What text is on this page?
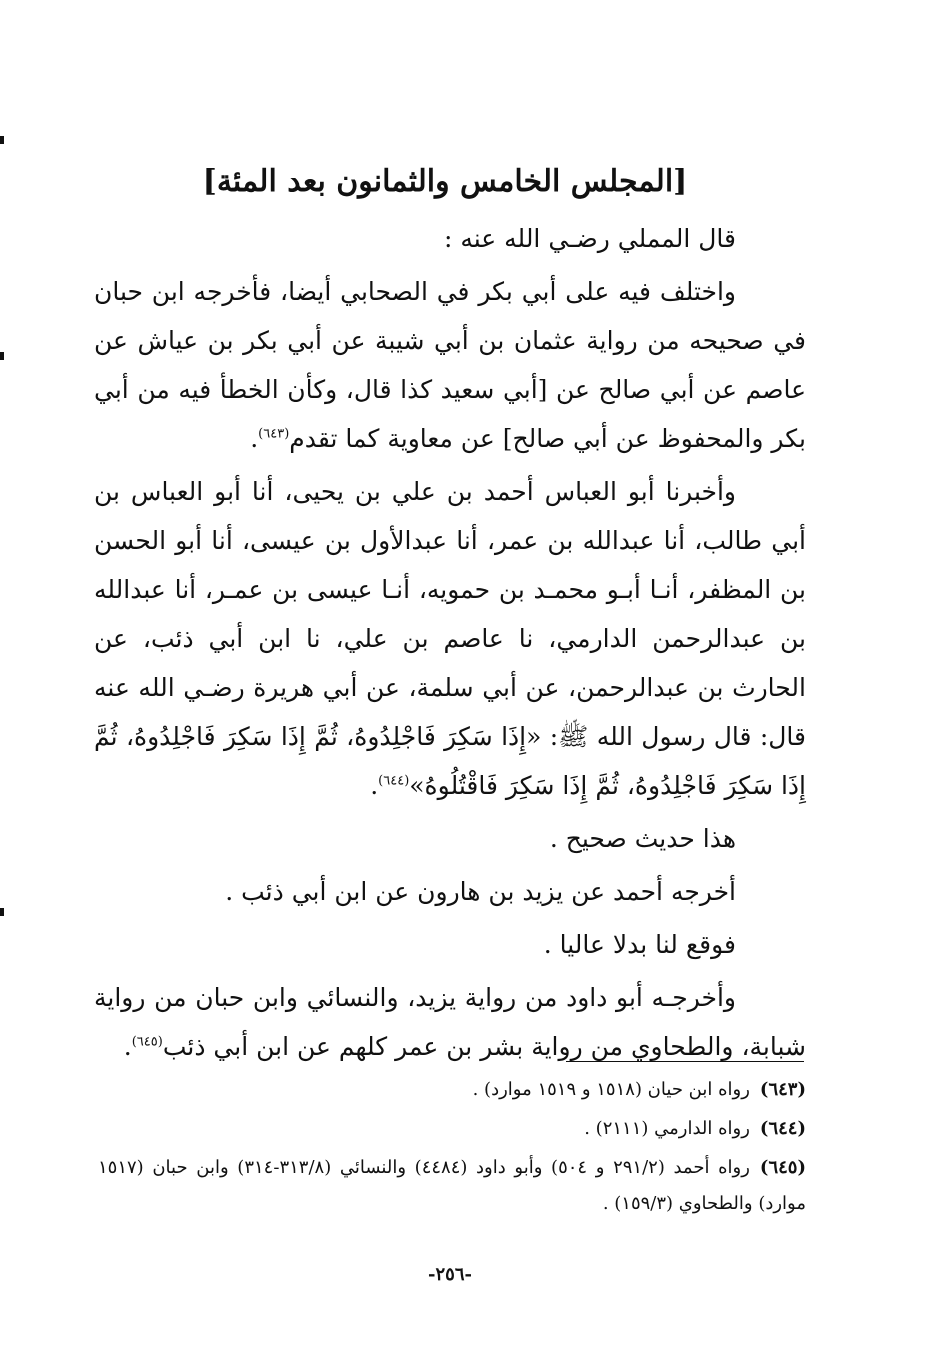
[المجلس الخامس والثمانون بعد المئة]

قال المملي رضـي الله عنه :

واختلف فيه على أبي بكر في الصحابي أيضا، فأخرجه ابن حبان في صحيحه من رواية عثمان بن أبي شيبة عن أبي بكر بن عياش عن عاصم عن أبي صالح عن [أبي سعيد كذا قال، وكأن الخطأ فيه من أبي بكر والمحفوظ عن أبي صالح] عن معاوية كما تقدم$^{(٦٤٣)}$.

وأخبرنا أبو العباس أحمد بن علي بن يحيى، أنا أبو العباس بن أبي طالب، أنا عبدالله بن عمر، أنا عبدالأول بن عيسى، أنا أبو الحسن بن المظفر، أنـا أبـو محمـد بن حمويه، أنـا عيسى بن عمـر، أنا عبدالله بن عبدالرحمن الدارمي، نا عاصم بن علي، نا ابن أبي ذئب، عن الحارث بن عبدالرحمن، عن أبي سلمة، عن أبي هريرة رضـي الله عنه قال: قال رسول الله ﷺ: «إِذَا سَكِرَ فَاجْلِدُوهُ، ثُمَّ إِذَا سَكِرَ فَاجْلِدُوهُ، ثُمَّ إِذَا سَكِرَ فَاجْلِدُوهُ، ثُمَّ إِذَا سَكِرَ فَاقْتُلُوهُ»$^{(٦٤٤)}$.

هذا حديث صحيح .

أخرجه أحمد عن يزيد بن هارون عن ابن أبي ذئب .

فوقع لنا بدلا عاليا .

وأخرجـه أبو داود من رواية يزيد، والنسائي وابن حبان من رواية شبابة، والطحاوي من رواية بشر بن عمر كلهم عن ابن أبي ذئب$^{(٦٤٥)}$.

(٦٤٣)رواه ابن حيان (١٥١٨ و ١٥١٩ موارد) .

(٦٤٤)رواه الدارمي (٢١١١) .

(٦٤٥)رواه أحمد (٢٩١/٢ و ٥٠٤) وأبو داود (٤٤٨٤) والنسائي (٣١٣/٨-٣١٤) وابن حبان (١٥١٧ موارد) والطحاوي (١٥٩/٣) .

-٢٥٦-
